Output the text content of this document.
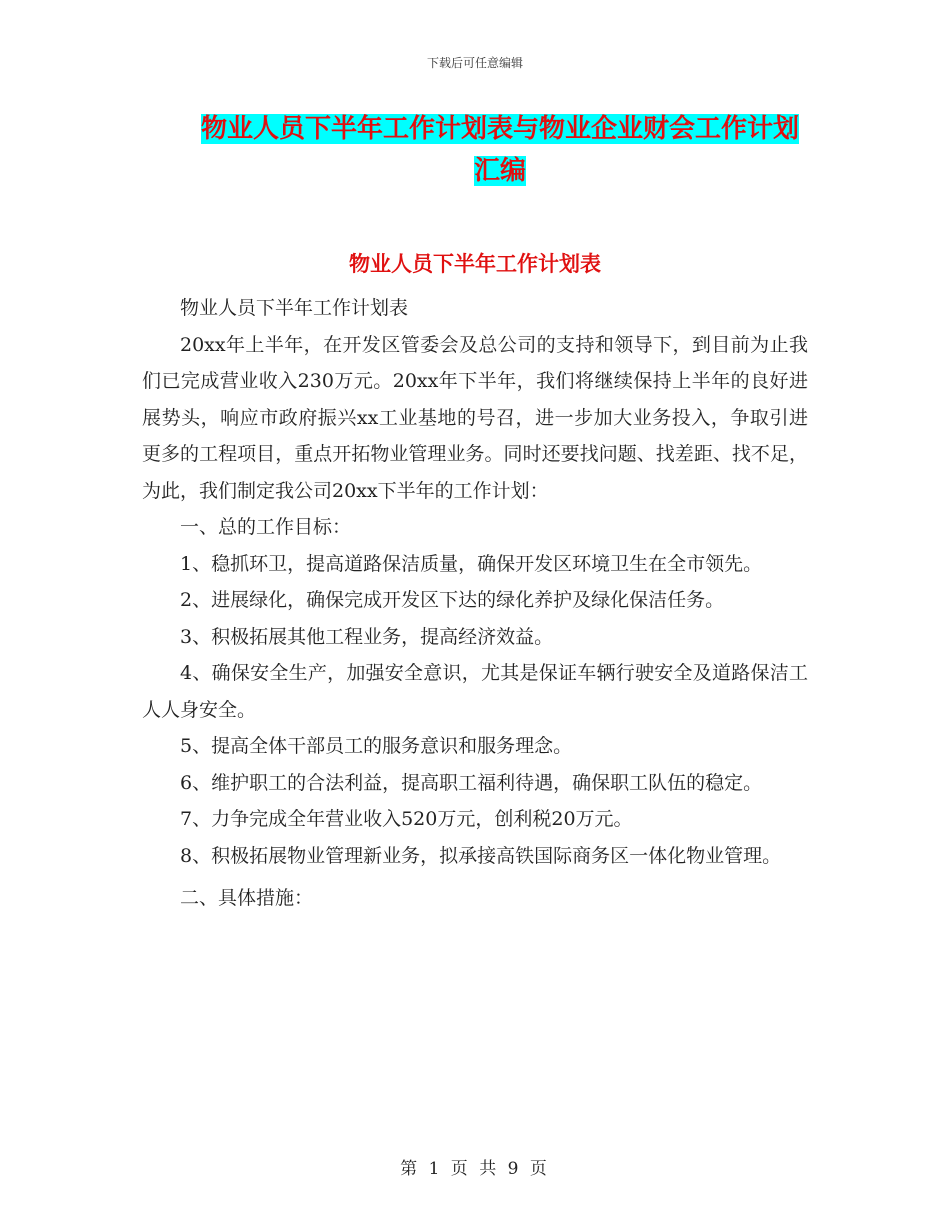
下载后可任意编辑
物业人员下半年工作计划表与物业企业财会工作计划
汇编
物业人员下半年工作计划表

物业人员下半年工作计划表

20xx年上半年，在开发区管委会及总公司的支持和领导下，到目前为止我们已完成营业收入230万元。20xx年下半年，我们将继续保持上半年的良好进展势头，响应市政府振兴xx工业基地的号召，进一步加大业务投入，争取引进更多的工程项目，重点开拓物业管理业务。同时还要找问题、找差距、找不足，为此，我们制定我公司20xx下半年的工作计划：

一、总的工作目标：

1、稳抓环卫，提高道路保洁质量，确保开发区环境卫生在全市领先。

2、进展绿化，确保完成开发区下达的绿化养护及绿化保洁任务。

3、积极拓展其他工程业务，提高经济效益。

4、确保安全生产，加强安全意识，尤其是保证车辆行驶安全及道路保洁工人人身安全。

5、提高全体干部员工的服务意识和服务理念。

6、维护职工的合法利益，提高职工福利待遇，确保职工队伍的稳定。

7、力争完成全年营业收入520万元，创利税20万元。

8、积极拓展物业管理新业务，拟承接高铁国际商务区一体化物业管理。

二、具体措施：

第 1 页 共 9 页
